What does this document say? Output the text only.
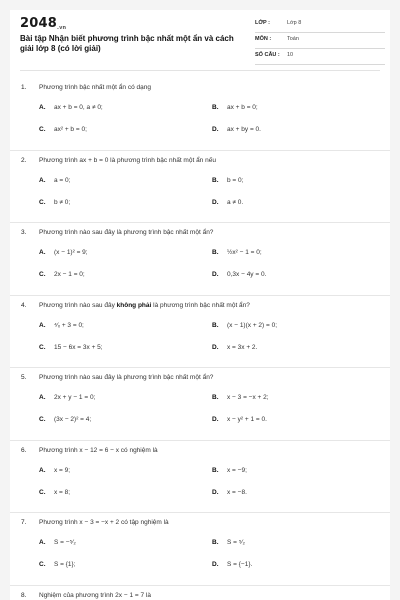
2048.vn
Bài tập Nhận biết phương trình bậc nhất một ẩn và cách giải lớp 8 (có lời giải)
LỚP :	Lớp 8
MÔN :	Toán
SỐ CÂU : 10
1.	Phương trình bậc nhất một ẩn có dạng
A. ax + b = 0, a ≠ 0;	B. ax + b = 0;
C. ax² + b = 0;	D. ax + by = 0.
2.	Phương trình ax + b = 0 là phương trình bậc nhất một ẩn nếu
A. a = 0;	B. b = 0;
C. b ≠ 0;	D. a ≠ 0.
3.	Phương trình nào sau đây là phương trình bậc nhất một ẩn?
A. (x − 1)² = 9;	B. ½x² − 1 = 0;
C. 2x − 1 = 0;	D. 0,3x − 4y = 0.
4.	Phương trình nào sau đây không phải là phương trình bậc nhất một ẩn?
A. ⁴⁄ₓ + 3 = 0;	B. (x − 1)(x + 2) = 0;
C. 15 − 6x = 3x + 5;	D. x = 3x + 2.
5.	Phương trình nào sau đây là phương trình bậc nhất một ẩn?
A. 2x + y − 1 = 0;	B. x − 3 = −x + 2;
C. (3x − 2)² = 4;	D. x − y² + 1 = 0.
6.	Phương trình x − 12 = 6 − x có nghiệm là
A. x = 9;	B. x = −9;
C. x = 8;	D. x = −8.
7.	Phương trình x − 3 = −x + 2 có tập nghiệm là
A. S = −⁵⁄₂	B. S = ⁵⁄₂
C. S = {1};	D. S = {−1}.
8.	Nghiệm của phương trình 2x − 1 = 7 là
